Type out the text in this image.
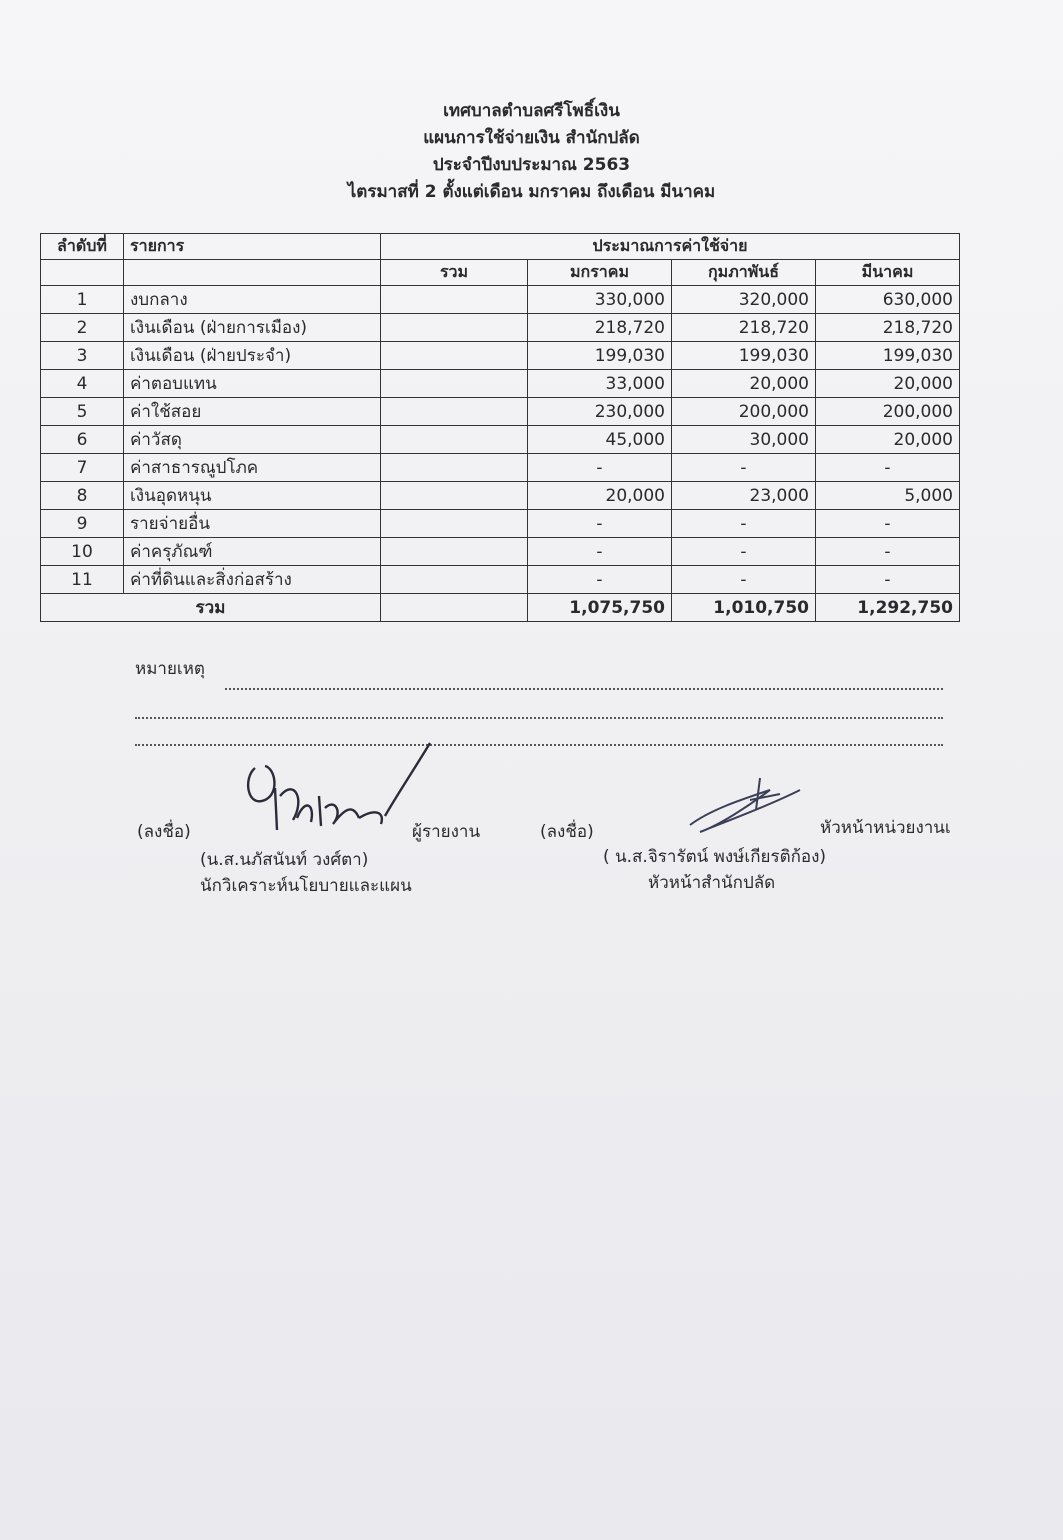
เทศบาลตำบลศรีโพธิ์เงิน
แผนการใช้จ่ายเงิน สำนักปลัด
ประจำปีงบประมาณ 2563
ไตรมาสที่ 2 ตั้งแต่เดือน มกราคม ถึงเดือน มีนาคม
ลำดับที่	รายการ	ประมาณการค่าใช้จ่าย			
		รวม	มกราคม	กุมภาพันธ์	มีนาคม
1	งบกลาง		330,000	320,000	630,000
2	เงินเดือน (ฝ่ายการเมือง)		218,720	218,720	218,720
3	เงินเดือน (ฝ่ายประจำ)		199,030	199,030	199,030
4	ค่าตอบแทน		33,000	20,000	20,000
5	ค่าใช้สอย		230,000	200,000	200,000
6	ค่าวัสดุ		45,000	30,000	20,000
7	ค่าสาธารณูปโภค		-	-	-
8	เงินอุดหนุน		20,000	23,000	5,000
9	รายจ่ายอื่น		-	-	-
10	ค่าครุภัณฑ์		-	-	-
11	ค่าที่ดินและสิ่งก่อสร้าง		-	-	-
รวม			1,075,750	1,010,750	1,292,750
หมายเหตุ
(ลงชื่อ)	ผู้รายงาน
(น.ส.นภัสนันท์ วงศ์ตา)
นักวิเคราะห์นโยบายและแผน
(ลงชื่อ)	หัวหน้าหน่วยงานเ
( น.ส.จิรารัตน์ พงษ์เกียรติก้อง)
หัวหน้าสำนักปลัด
